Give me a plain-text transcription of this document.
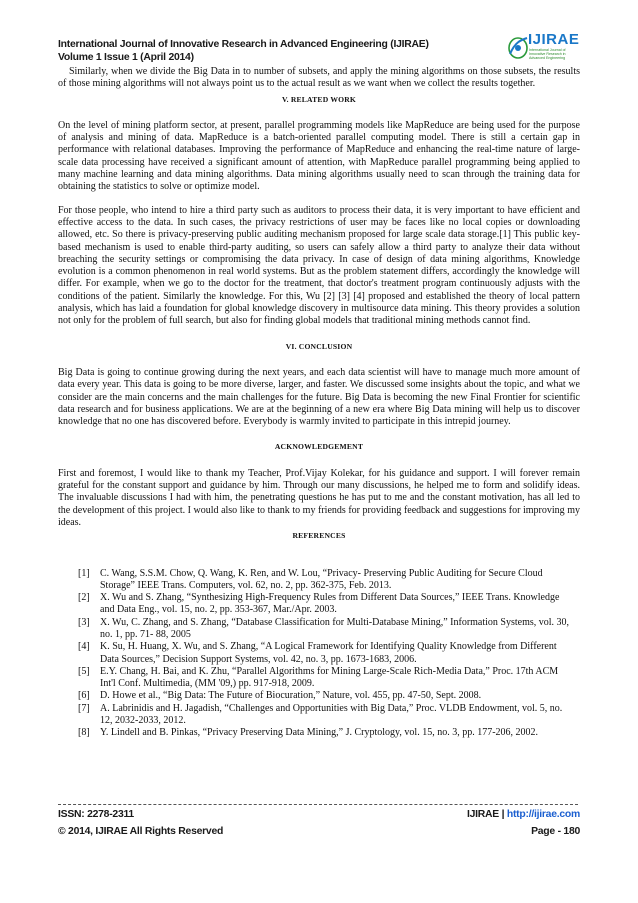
International Journal of Innovative Research in Advanced Engineering (IJIRAE)
Volume 1 Issue 1 (April 2014)
IJIRAE
International Journal of
Innovative Research in
Advanced Engineering

Similarly, when we divide the Big Data in to number of subsets, and apply the mining algorithms on those subsets, the results of those mining algorithms will not always point us to the actual result as we want when we collect the results together.

V. RELATED WORK

On the level of mining platform sector, at present, parallel programming models like MapReduce are being used for the purpose of analysis and mining of data. MapReduce is a batch-oriented parallel computing model. There is still a certain gap in performance with relational databases. Improving the performance of MapReduce and enhancing the real-time nature of large-scale data processing have received a significant amount of attention, with MapReduce parallel programming being applied to many machine learning and data mining algorithms. Data mining algorithms usually need to scan through the training data for obtaining the statistics to solve or optimize model.

For those people, who intend to hire a third party such as auditors to process their data, it is very important to have efficient and effective access to the data. In such cases, the privacy restrictions of user may be faces like no local copies or downloading allowed, etc. So there is privacy-preserving public auditing mechanism proposed for large scale data storage.[1] This public key-based mechanism is used to enable third-party auditing, so users can safely allow a third party to analyze their data without breaching the security settings or compromising the data privacy. In case of design of data mining algorithms, Knowledge evolution is a common phenomenon in real world systems. But as the problem statement differs, accordingly the knowledge will differ. For example, when we go to the doctor for the treatment, that doctor's treatment program continuously adjusts with the conditions of the patient. Similarly the knowledge. For this, Wu [2] [3] [4] proposed and established the theory of local pattern analysis, which has laid a foundation for global knowledge discovery in multisource data mining. This theory provides a solution not only for the problem of full search, but also for finding global models that traditional mining methods cannot find.

VI. CONCLUSION

Big Data is going to continue growing during the next years, and each data scientist will have to manage much more amount of data every year. This data is going to be more diverse, larger, and faster. We discussed some insights about the topic, and what we consider are the main concerns and the main challenges for the future. Big Data is becoming the new Final Frontier for scientific data research and for business applications. We are at the beginning of a new era where Big Data mining will help us to discover knowledge that no one has discovered before. Everybody is warmly invited to participate in this intrepid journey.

ACKNOWLEDGEMENT

First and foremost, I would like to thank my Teacher, Prof.Vijay Kolekar, for his guidance and support. I will forever remain grateful for the constant support and guidance by him. Through our many discussions, he helped me to form and solidify ideas. The invaluable discussions I had with him, the penetrating questions he has put to me and the constant motivation, has all led to the development of this project. I would also like to thank to my friends for providing feedback and suggestions for improving my ideas.

REFERENCES

[1] C. Wang, S.S.M. Chow, Q. Wang, K. Ren, and W. Lou, “Privacy- Preserving Public Auditing for Secure Cloud Storage” IEEE Trans. Computers, vol. 62, no. 2, pp. 362-375, Feb. 2013.
[2] X. Wu and S. Zhang, “Synthesizing High-Frequency Rules from Different Data Sources,” IEEE Trans. Knowledge and Data Eng., vol. 15, no. 2, pp. 353-367, Mar./Apr. 2003.
[3] X. Wu, C. Zhang, and S. Zhang, “Database Classification for Multi-Database Mining,” Information Systems, vol. 30, no. 1, pp. 71- 88, 2005
[4] K. Su, H. Huang, X. Wu, and S. Zhang, “A Logical Framework for Identifying Quality Knowledge from Different Data Sources,” Decision Support Systems, vol. 42, no. 3, pp. 1673-1683, 2006.
[5] E.Y. Chang, H. Bai, and K. Zhu, “Parallel Algorithms for Mining Large-Scale Rich-Media Data,” Proc. 17th ACM Int'l Conf. Multimedia, (MM '09,) pp. 917-918, 2009.
[6] D. Howe et al., “Big Data: The Future of Biocuration,” Nature, vol. 455, pp. 47-50, Sept. 2008.
[7] A. Labrinidis and H. Jagadish, “Challenges and Opportunities with Big Data,” Proc. VLDB Endowment, vol. 5, no. 12, 2032-2033, 2012.
[8] Y. Lindell and B. Pinkas, “Privacy Preserving Data Mining,” J. Cryptology, vol. 15, no. 3, pp. 177-206, 2002.
ISSN: 2278-2311	IJIRAE | http://ijirae.com
© 2014, IJIRAE All Rights Reserved	Page - 180
